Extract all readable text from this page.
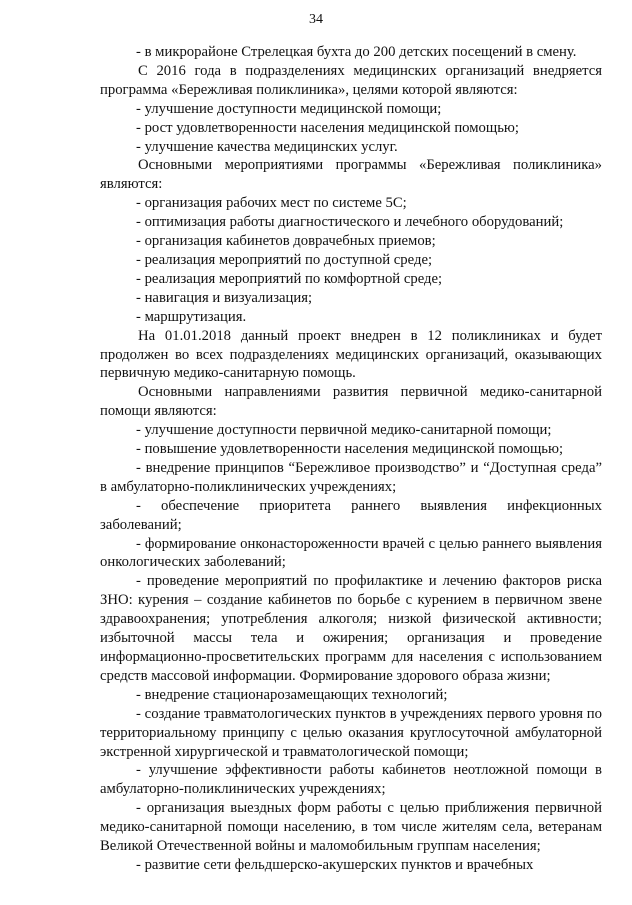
34

- в микрорайоне Стрелецкая бухта до 200 детских посещений в смену.

С 2016 года в подразделениях медицинских организаций внедряется программа «Бережливая поликлиника», целями которой являются:

- улучшение доступности медицинской помощи;

- рост удовлетворенности населения медицинской помощью;

- улучшение качества медицинских услуг.

Основными мероприятиями программы «Бережливая поликлиника» являются:

- организация рабочих мест по системе 5С;

- оптимизация работы диагностического и лечебного оборудований;

- организация кабинетов доврачебных приемов;

- реализация мероприятий по доступной среде;

- реализация мероприятий по комфортной среде;

- навигация и визуализация;

- маршрутизация.

На 01.01.2018 данный проект внедрен в 12 поликлиниках и будет продолжен во всех подразделениях медицинских организаций, оказывающих первичную медико-санитарную помощь.

Основными направлениями развития первичной медико-санитарной помощи являются:

- улучшение доступности первичной медико-санитарной помощи;

- повышение удовлетворенности населения медицинской помощью;

- внедрение принципов “Бережливое производство” и “Доступная среда” в амбулаторно-поликлинических учреждениях;

- обеспечение приоритета раннего выявления инфекционных заболеваний;

- формирование онконастороженности врачей с целью раннего выявления онкологических заболеваний;

- проведение мероприятий по профилактике и лечению факторов риска ЗНО: курения – создание кабинетов по борьбе с курением в первичном звене здравоохранения; употребления алкоголя; низкой физической активности; избыточной массы тела и ожирения; организация и проведение информационно-просветительских программ для населения с использованием средств массовой информации. Формирование здорового образа жизни;

- внедрение стационарозамещающих технологий;

- создание травматологических пунктов в учреждениях первого уровня по территориальному принципу с целью оказания круглосуточной амбулаторной экстренной хирургической и травматологической помощи;

- улучшение эффективности работы кабинетов неотложной помощи в амбулаторно-поликлинических учреждениях;

- организация выездных форм работы с целью приближения первичной медико-санитарной помощи населению, в том числе жителям села, ветеранам Великой Отечественной войны и маломобильным группам населения;

- развитие сети фельдшерско-акушерских пунктов и врачебных
